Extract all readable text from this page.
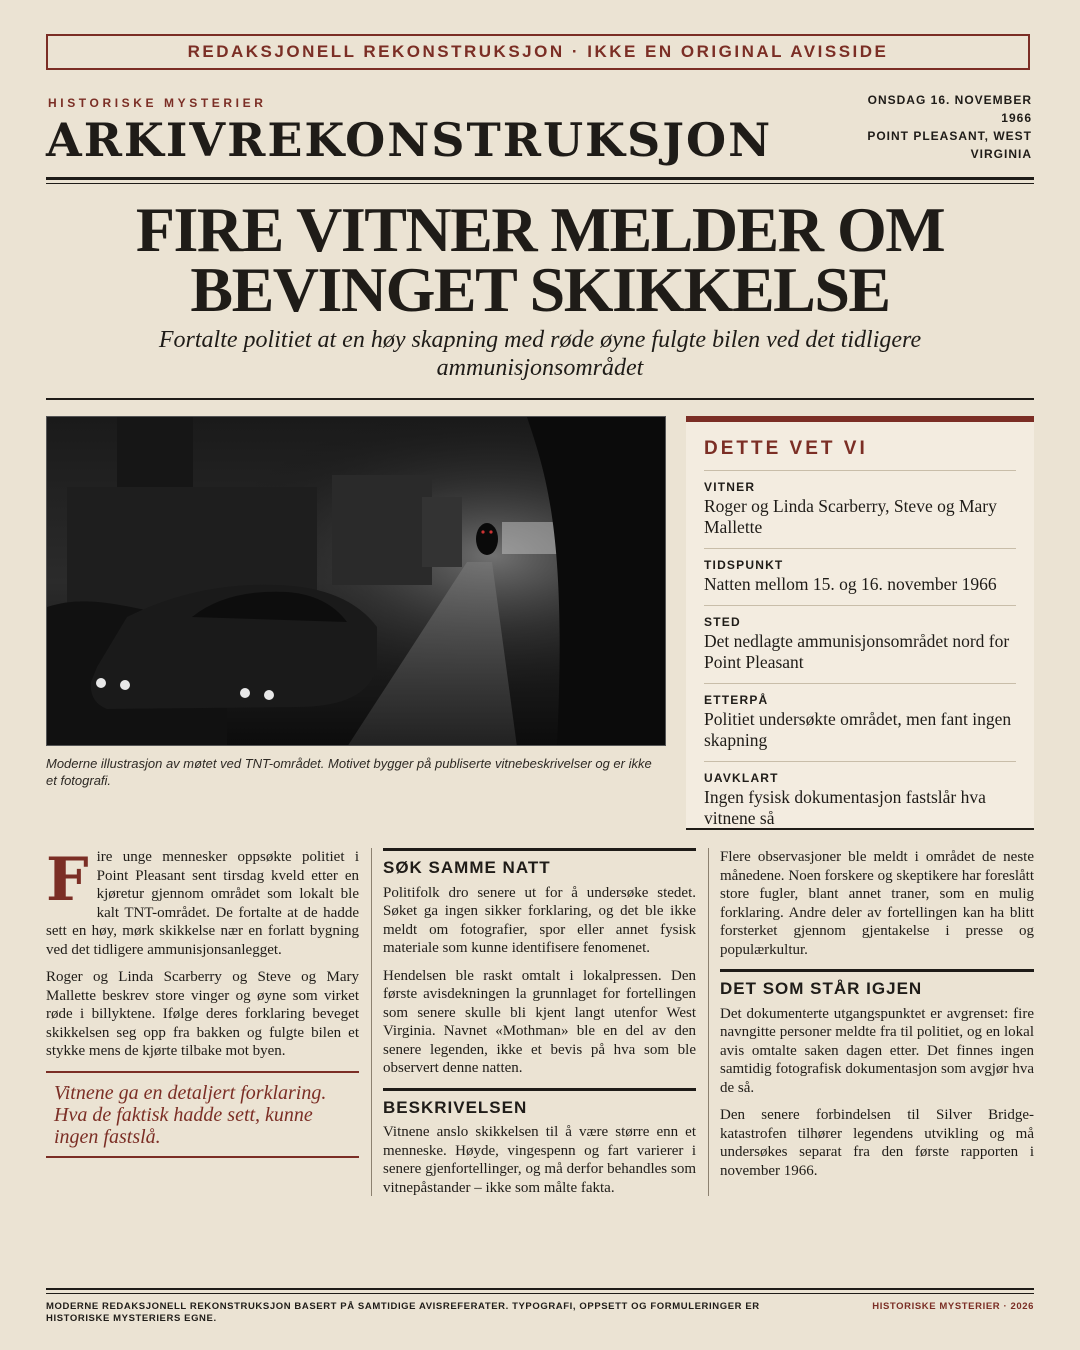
REDAKSJONELL REKONSTRUKSJON · IKKE EN ORIGINAL AVISSIDE
HISTORISKE MYSTERIER
ARKIVREKONSTRUKSJON
ONSDAG 16. NOVEMBER 1966
POINT PLEASANT, WEST VIRGINIA
FIRE VITNER MELDER OM BEVINGET SKIKKELSE
Fortalte politiet at en høy skapning med røde øyne fulgte bilen ved det tidligere ammunisjonsområdet
Moderne illustrasjon av møtet ved TNT-området. Motivet bygger på publiserte vitnebeskrivelser og er ikke et fotografi.
DETTE VET VI
VITNER
Roger og Linda Scarberry, Steve og Mary Mallette
TIDSPUNKT
Natten mellom 15. og 16. november 1966
STED
Det nedlagte ammunisjonsområdet nord for Point Pleasant
ETTERPÅ
Politiet undersøkte området, men fant ingen skapning
UAVKLART
Ingen fysisk dokumentasjon fastslår hva vitnene så

Fire unge mennesker oppsøkte politiet i Point Pleasant sent tirsdag kveld etter en kjøretur gjennom området som lokalt ble kalt TNT-området. De fortalte at de hadde sett en høy, mørk skikkelse nær en forlatt bygning ved det tidligere ammunisjonsanlegget.

Roger og Linda Scarberry og Steve og Mary Mallette beskrev store vinger og øyne som virket røde i billyktene. Ifølge deres forklaring beveget skikkelsen seg opp fra bakken og fulgte bilen et stykke mens de kjørte tilbake mot byen.

Vitnene ga en detaljert forklaring. Hva de faktisk hadde sett, kunne ingen fastslå.
SØK SAMME NATT

Politifolk dro senere ut for å undersøke stedet. Søket ga ingen sikker forklaring, og det ble ikke meldt om fotografier, spor eller annet fysisk materiale som kunne identifisere fenomenet.

Hendelsen ble raskt omtalt i lokalpressen. Den første avisdekningen la grunnlaget for fortellingen som senere skulle bli kjent langt utenfor West Virginia. Navnet «Mothman» ble en del av den senere legenden, ikke et bevis på hva som ble observert denne natten.

BESKRIVELSEN

Vitnene anslo skikkelsen til å være større enn et menneske. Høyde, vingespenn og fart varierer i senere gjenfortellinger, og må derfor behandles som vitnepåstander – ikke som målte fakta.

Flere observasjoner ble meldt i området de neste månedene. Noen forskere og skeptikere har foreslått store fugler, blant annet traner, som en mulig forklaring. Andre deler av fortellingen kan ha blitt forsterket gjennom gjentakelse i presse og populærkultur.

DET SOM STÅR IGJEN

Det dokumenterte utgangspunktet er avgrenset: fire navngitte personer meldte fra til politiet, og en lokal avis omtalte saken dagen etter. Det finnes ingen samtidig fotografisk dokumentasjon som avgjør hva de så.

Den senere forbindelsen til Silver Bridge-katastrofen tilhører legendens utvikling og må undersøkes separat fra den første rapporten i november 1966.

MODERNE REDAKSJONELL REKONSTRUKSJON BASERT PÅ SAMTIDIGE AVISREFERATER. TYPOGRAFI, OPPSETT OG FORMULERINGER ER HISTORISKE MYSTERIERS EGNE.
HISTORISKE MYSTERIER · 2026
